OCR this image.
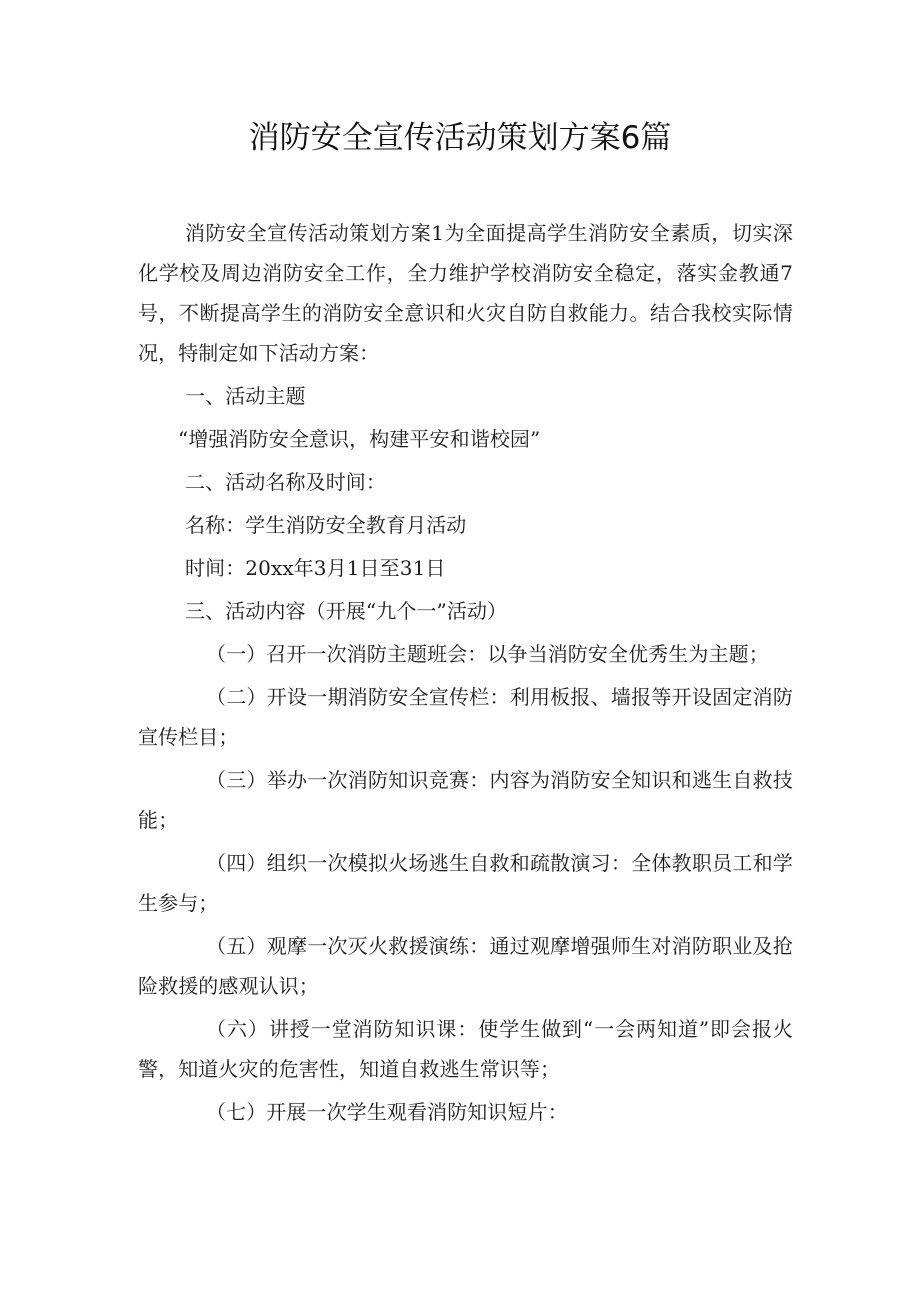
消防安全宣传活动策划方案6篇

消防安全宣传活动策划方案1为全面提高学生消防安全素质，切实深化学校及周边消防安全工作，全力维护学校消防安全稳定，落实金教通7号，不断提高学生的消防安全意识和火灾自防自救能力。结合我校实际情况，特制定如下活动方案：

一、活动主题

“增强消防安全意识，构建平安和谐校园”

二、活动名称及时间：

名称：学生消防安全教育月活动

时间：20xx年3月1日至31日

三、活动内容（开展“九个一”活动）

（一）召开一次消防主题班会：以争当消防安全优秀生为主题；

（二）开设一期消防安全宣传栏：利用板报、墙报等开设固定消防宣传栏目；

（三）举办一次消防知识竞赛：内容为消防安全知识和逃生自救技能；

（四）组织一次模拟火场逃生自救和疏散演习：全体教职员工和学生参与；

（五）观摩一次灭火救援演练：通过观摩增强师生对消防职业及抢险救援的感观认识；

（六）讲授一堂消防知识课：使学生做到“一会两知道”即会报火警，知道火灾的危害性，知道自救逃生常识等；

（七）开展一次学生观看消防知识短片：
